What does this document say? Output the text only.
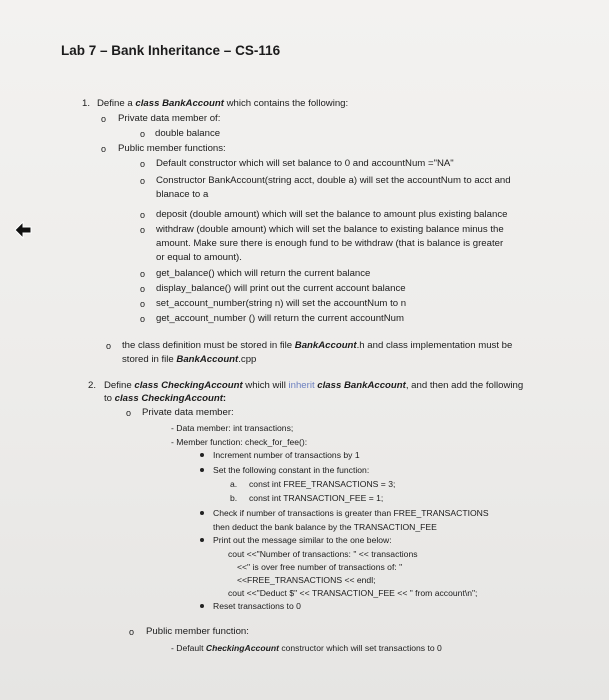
Lab 7 – Bank Inheritance – CS-116
1. Define a class BankAccount which contains the following:
o Private data member of:
o double balance
o Public member functions:
o Default constructor which will set balance to 0 and accountNum ="NA"
o Constructor BankAccount(string acct, double a) will set the accountNum to acct and
blanace to a
o deposit (double amount) which will set the balance to amount plus existing balance
o withdraw (double amount) which will set the balance to existing balance minus the
amount. Make sure there is enough fund to be withdraw (that is balance is greater
or equal to amount).
o get_balance() which will return the current balance
o display_balance() will print out the current account balance
o set_account_number(string n) will set the accountNum to n
o get_account_number () will return the current accountNum
o the class definition must be stored in file BankAccount.h and class implementation must be
stored in file BankAccount.cpp
2. Define class CheckingAccount which will inherit class BankAccount, and then add the following
to class CheckingAccount:
o Private data member:
- Data member: int transactions;
- Member function: check_for_fee():
Increment number of transactions by 1
Set the following constant in the function:
a. const int FREE_TRANSACTIONS = 3;
b. const int TRANSACTION_FEE = 1;
Check if number of transactions is greater than FREE_TRANSACTIONS
then deduct the bank balance by the TRANSACTION_FEE
Print out the message similar to the one below:
cout <<"Number of transactions: " << transactions
<<" is over free number of transactions of: "
<<FREE_TRANSACTIONS << endl;
cout <<"Deduct $" << TRANSACTION_FEE << " from account\n";
Reset transactions to 0
o Public member function:
- Default CheckingAccount constructor which will set transactions to 0
